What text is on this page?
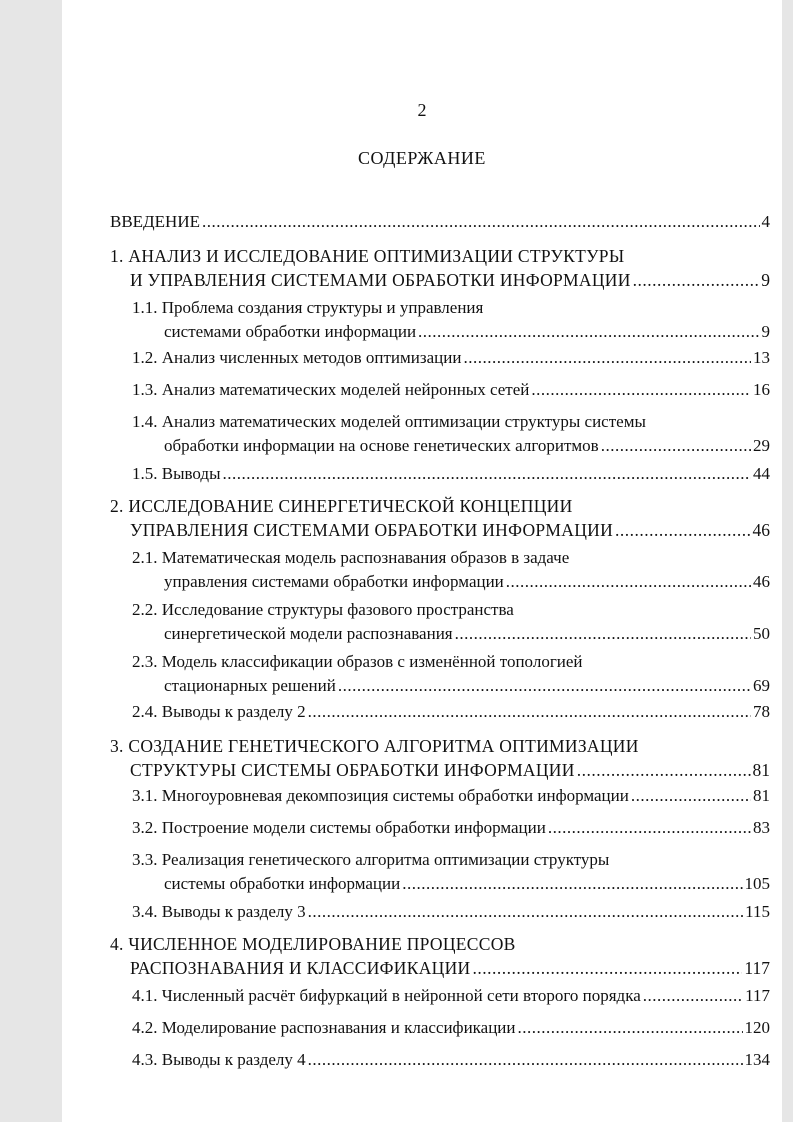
2
СОДЕРЖАНИЕ
ВВЕДЕНИЕ .....	4
1. АНАЛИЗ И ИССЛЕДОВАНИЕ ОПТИМИЗАЦИИ СТРУКТУРЫ
И УПРАВЛЕНИЯ СИСТЕМАМИ ОБРАБОТКИ ИНФОРМАЦИИ .....	9
1.1. Проблема создания структуры и управления
системами обработки информации .....	9
1.2. Анализ численных методов оптимизации .....	13
1.3. Анализ математических моделей нейронных сетей .....	16
1.4. Анализ математических моделей оптимизации структуры системы
обработки информации на основе генетических алгоритмов .....	29
1.5. Выводы .....	44
2. ИССЛЕДОВАНИЕ СИНЕРГЕТИЧЕСКОЙ КОНЦЕПЦИИ
УПРАВЛЕНИЯ СИСТЕМАМИ ОБРАБОТКИ ИНФОРМАЦИИ .....	46
2.1. Математическая модель распознавания образов в задаче
управления системами обработки информации .....	46
2.2. Исследование структуры фазового пространства
синергетической модели распознавания .....	50
2.3. Модель классификации образов с изменённой топологией
стационарных решений .....	69
2.4. Выводы к разделу 2 .....	78
3. СОЗДАНИЕ ГЕНЕТИЧЕСКОГО АЛГОРИТМА ОПТИМИЗАЦИИ
СТРУКТУРЫ СИСТЕМЫ ОБРАБОТКИ ИНФОРМАЦИИ .....	81
3.1. Многоуровневая декомпозиция системы обработки информации .....	81
3.2. Построение модели системы обработки информации .....	83
3.3. Реализация генетического алгоритма оптимизации структуры
системы обработки информации .....	105
3.4. Выводы к разделу 3 .....	115
4. ЧИСЛЕННОЕ МОДЕЛИРОВАНИЕ ПРОЦЕССОВ
РАСПОЗНАВАНИЯ И КЛАССИФИКАЦИИ .....	117
4.1. Численный расчёт бифуркаций в нейронной сети второго порядка .....	117
4.2. Моделирование распознавания и классификации .....	120
4.3. Выводы к разделу 4 .....	134
